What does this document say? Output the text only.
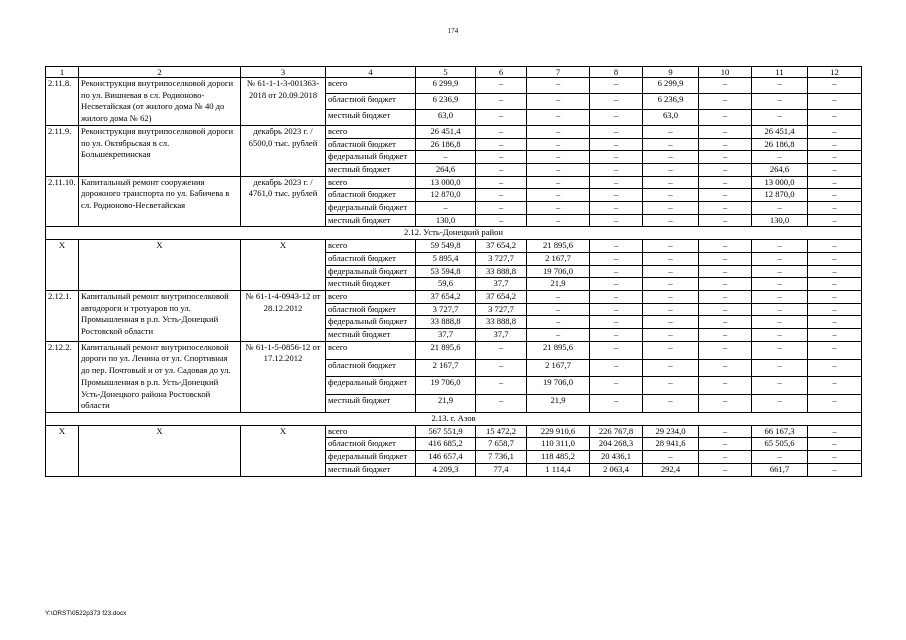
174
1	2	3	4	5	6	7	8	9	10	11	12
2.11.8.	Реконструкция внутрипоселковой дороги по ул. Вишневая в сл. Родионово-Несветайская (от жилого дома № 40 до жилого дома № 62)	№ 61-1-1-3-001363-2018 от 20.09.2018	всего	6 299,9	–	–	–	6 299,9	–	–	–
			областной бюджет	6 236,9	–	–	–	6 236,9	–	–	–
			местный бюджет	63,0	–	–	–	63,0	–	–	–
2.11.9.	Реконструкция внутрипоселковой дороги по ул. Октябрьская в сл. Большекрепинская	декабрь 2023 г. / 6500,0 тыс. рублей	всего	26 451,4	–	–	–	–	–	26 451,4	–
			областной бюджет	26 186,8	–	–	–	–	–	26 186,8	–
			федеральный бюджет	–	–	–	–	–	–	–	–
			местный бюджет	264,6	–	–	–	–	–	264,6	–
2.11.10.	Капитальный ремонт сооружения дорожного транспорта по ул. Бабичева в сл. Родионово-Несветайская	декабрь 2023 г. / 4761,0 тыс. рублей	всего	13 000,0	–	–	–	–	–	13 000,0	–
			областной бюджет	12 870,0	–	–	–	–	–	12 870,0	–
			федеральный бюджет	–	–	–	–	–	–	–	–
			местный бюджет	130,0	–	–	–	–	–	130,0	–
2.12. Усть-Донецкий район											
Х	Х	Х	всего	59 549,8	37 654,2	21 895,6	–	–	–	–	–
			областной бюджет	5 895,4	3 727,7	2 167,7	–	–	–	–	–
			федеральный бюджет	53 594,8	33 888,8	19 706,0	–	–	–	–	–
			местный бюджет	59,6	37,7	21,9	–	–	–	–	–
2.12.1.	Капитальный ремонт внутрипоселковой автодороги и тротуаров по ул. Промышленная в р.п. Усть-Донецкий Ростовской области	№ 61-1-4-0943-12 от 28.12.2012	всего	37 654,2	37 654,2	–	–	–	–	–	–
			областной бюджет	3 727,7	3 727,7	–	–	–	–	–	–
			федеральный бюджет	33 888,8	33 888,8	–	–	–	–	–	–
			местный бюджет	37,7	37,7	–	–	–	–	–	–
2.12.2.	Капитальный ремонт внутрипоселковой дороги по ул. Ленина от ул. Спортивная до пер. Почтовый и от ул. Садовая до ул. Промышленная в р.п. Усть-Донецкий Усть-Донецкого района Ростовской области	№ 61-1-5-0856-12 от 17.12.2012	всего	21 895,6	–	21 895,6	–	–	–	–	–
			областной бюджет	2 167,7	–	2 167,7	–	–	–	–	–
			федеральный бюджет	19 706,0	–	19 706,0	–	–	–	–	–
			местный бюджет	21,9	–	21,9	–	–	–	–	–
2.13. г. Азов											
Х	Х	Х	всего	567 551,9	15 472,2	229 910,6	226 767,8	29 234,0	–	66 167,3	–
			областной бюджет	416 685,2	7 658,7	110 311,0	204 268,3	28 941,6	–	65 505,6	–
			федеральный бюджет	146 657,4	7 736,1	118 485,2	20 436,1	–	–	–	–
			местный бюджет	4 209,3	77,4	1 114,4	2 063,4	292,4	–	661,7	–
Y:\ORST\0522p373 f23.docx
